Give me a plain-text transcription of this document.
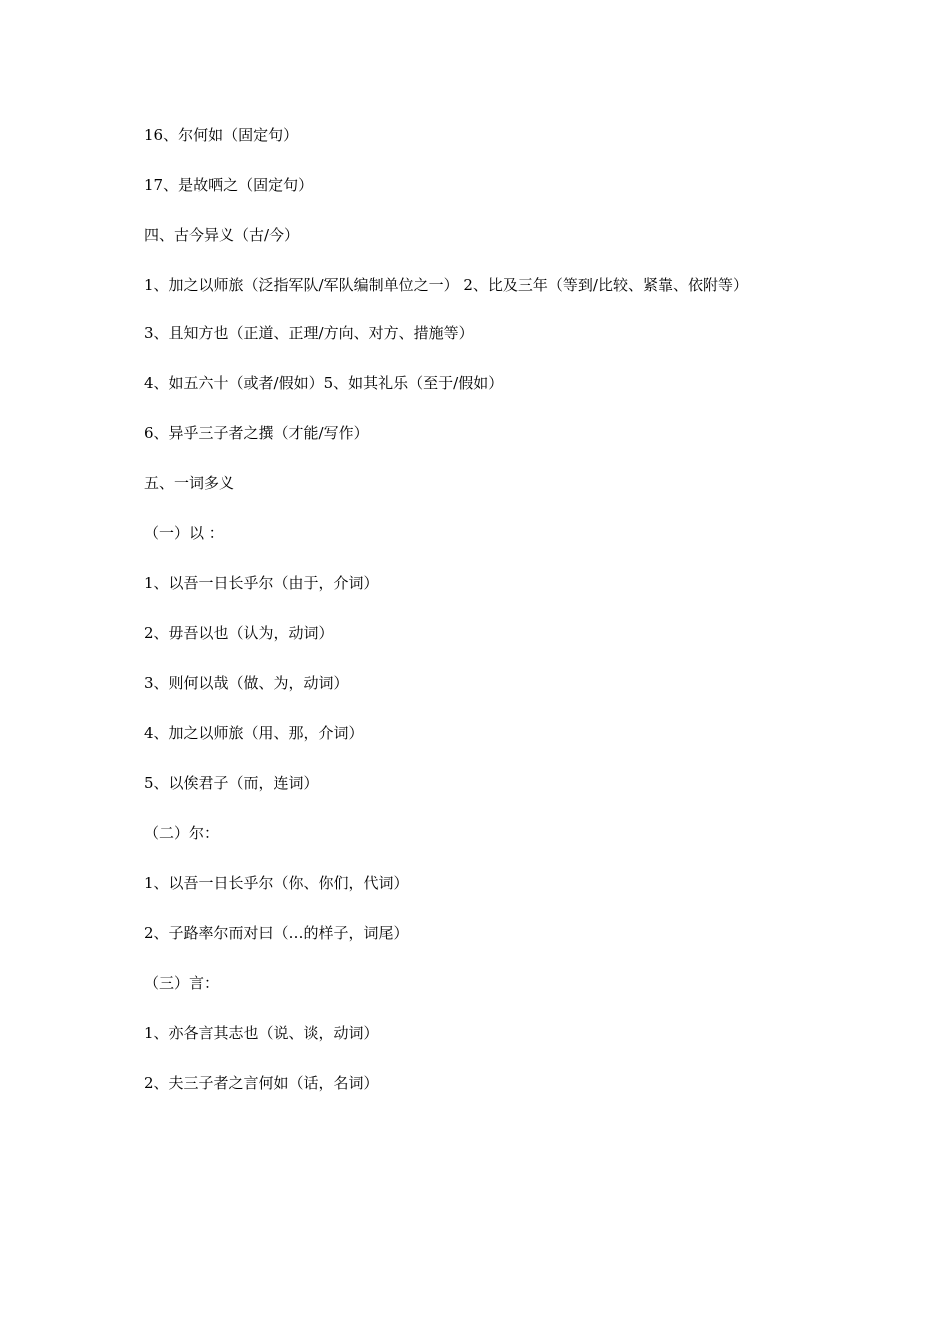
16、尔何如（固定句）

17、是故哂之（固定句）

四、古今异义（古/今）

1、加之以师旅（泛指军队/军队编制单位之一） 2、比及三年（等到/比较、紧靠、依附等）

3、且知方也（正道、正理/方向、对方、措施等）

4、如五六十（或者/假如）5、如其礼乐（至于/假如）

6、异乎三子者之撰（才能/写作）

五、一词多义

（一）以 ：

1、以吾一日长乎尔（由于，介词）

2、毋吾以也（认为，动词）

3、则何以哉（做、为，动词）

4、加之以师旅（用、那，介词）

5、以俟君子（而，连词）

（二）尔：

1、以吾一日长乎尔（你、你们，代词）

2、子路率尔而对曰（…的样子，词尾）

（三）言：

1、亦各言其志也（说、谈，动词）

2、夫三子者之言何如（话，名词）
